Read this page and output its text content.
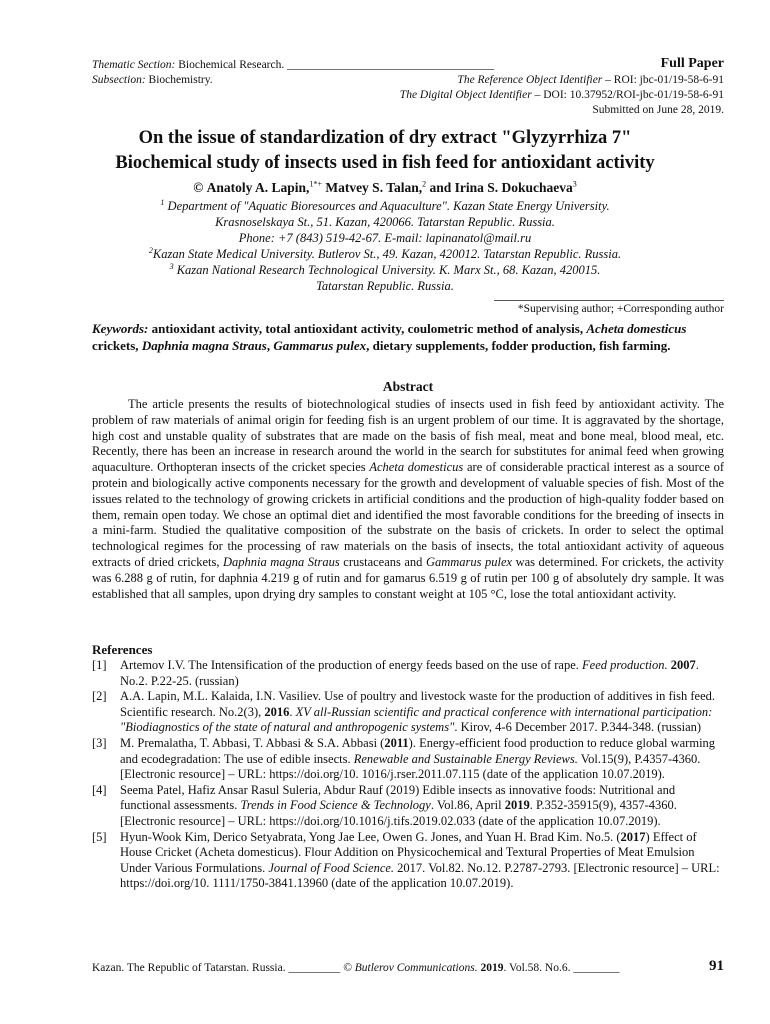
Thematic Section: Biochemical Research. ____________________________________	Full Paper
Subsection: Biochemistry.	The Reference Object Identifier – ROI: jbc-01/19-58-6-91
The Digital Object Identifier – DOI: 10.37952/ROI-jbc-01/19-58-6-91
Submitted on June 28, 2019.
On the issue of standardization of dry extract "Glyzyrrhiza 7"
Biochemical study of insects used in fish feed for antioxidant activity
© Anatoly A. Lapin,$^{1*+}$ Matvey S. Talan,$^2$ and Irina S. Dokuchaeva$^3$

$^1$ Department of "Aquatic Bioresources and Aquaculture". Kazan State Energy University.

Krasnoselskaya St., 51. Kazan, 420066. Tatarstan Republic. Russia.

Phone: +7 (843) 519-42-67. E-mail: lapinanatol@mail.ru

$^2$Kazan State Medical University. Butlerov St., 49. Kazan, 420012. Tatarstan Republic. Russia.

$^3$ Kazan National Research Technological University. K. Marx St., 68. Kazan, 420015.

Tatarstan Republic. Russia.

*Supervising author; +Corresponding author
Keywords: antioxidant activity, total antioxidant activity, coulometric method of analysis, Acheta domesticus crickets, Daphnia magna Straus, Gammarus pulex, dietary supplements, fodder production, fish farming.
Abstract
The article presents the results of biotechnological studies of insects used in fish feed by antioxidant activity. The problem of raw materials of animal origin for feeding fish is an urgent problem of our time. It is aggravated by the shortage, high cost and unstable quality of substrates that are made on the basis of fish meal, meat and bone meal, blood meal, etc. Recently, there has been an increase in research around the world in the search for substitutes for animal feed when growing aquaculture. Orthopteran insects of the cricket species Acheta domesticus are of considerable practical interest as a source of protein and biologically active components necessary for the growth and development of valuable species of fish. Most of the issues related to the technology of growing crickets in artificial conditions and the production of high-quality fodder based on them, remain open today. We chose an optimal diet and identified the most favorable conditions for the breeding of insects in a mini-farm. Studied the qualitative composition of the substrate on the basis of crickets. In order to select the optimal technological regimes for the processing of raw materials on the basis of insects, the total antioxidant activity of aqueous extracts of dried crickets, Daphnia magna Straus crustaceans and Gammarus pulex was determined. For crickets, the activity was 6.288 g of rutin, for daphnia 4.219 g of rutin and for gamarus 6.519 g of rutin per 100 g of absolutely dry sample. It was established that all samples, upon drying dry samples to constant weight at 105 °C, lose the total antioxidant activity.
References
[1]	Artemov I.V. The Intensification of the production of energy feeds based on the use of rape. Feed production. 2007. No.2. P.22-25. (russian)
[2]	A.A. Lapin, M.L. Kalaida, I.N. Vasiliev. Use of poultry and livestock waste for the production of additives in fish feed. Scientific research. No.2(3), 2016. XV all-Russian scientific and practical conference with international participation: "Biodiagnostics of the state of natural and anthropogenic systems". Kirov, 4-6 December 2017. P.344-348. (russian)
[3]	M. Premalatha, T. Abbasi, T. Abbasi & S.A. Abbasi (2011). Energy-efficient food production to reduce global warming and ecodegradation: The use of edible insects. Renewable and Sustainable Energy Reviews. Vol.15(9), P.4357-4360. [Electronic resource] – URL: https://doi.org/10. 1016/j.rser.2011.07.115 (date of the application 10.07.2019).
[4]	Seema Patel, Hafiz Ansar Rasul Suleria, Abdur Rauf (2019) Edible insects as innovative foods: Nutritional and functional assessments. Trends in Food Science & Technology. Vol.86, April 2019. P.352-35915(9), 4357-4360. [Electronic resource] – URL: https://doi.org/10.1016/j.tifs.2019.02.033 (date of the application 10.07.2019).
[5]	Hyun-Wook Kim, Derico Setyabrata, Yong Jae Lee, Owen G. Jones, and Yuan H. Brad Kim. No.5. (2017) Effect of House Cricket (Acheta domesticus). Flour Addition on Physicochemical and Textural Properties of Meat Emulsion Under Various Formulations. Journal of Food Science. 2017. Vol.82. No.12. P.2787-2793. [Electronic resource] – URL: https://doi.org/10. 1111/1750-3841.13960 (date of the application 10.07.2019).
Kazan. The Republic of Tatarstan. Russia. _________ © Butlerov Communications. 2019. Vol.58. No.6. ________	91
